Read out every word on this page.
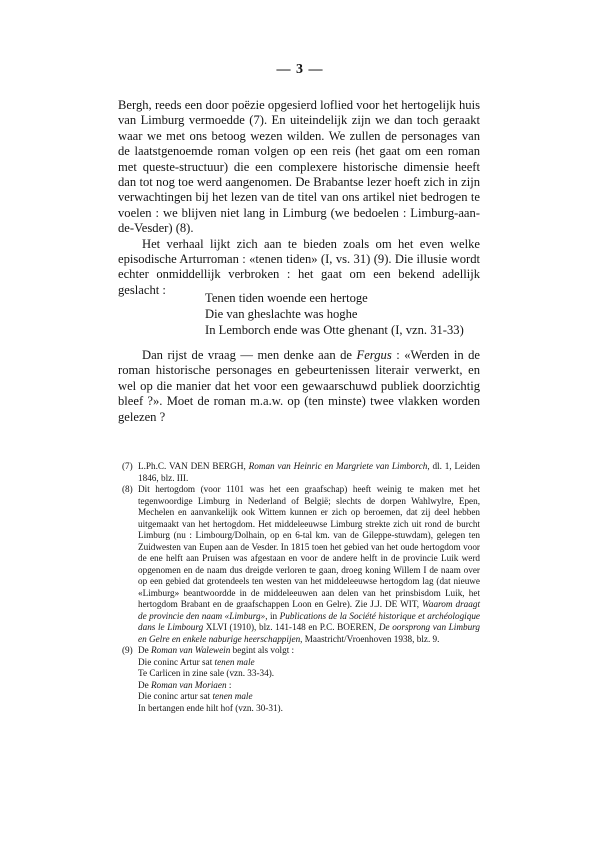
— 3 —

Bergh, reeds een door poëzie opgesierd loflied voor het hertogelijk huis van Limburg vermoedde (7). En uiteindelijk zijn we dan toch geraakt waar we met ons betoog wezen wilden. We zullen de personages van de laatstgenoemde roman volgen op een reis (het gaat om een roman met queste-structuur) die een complexere historische dimensie heeft dan tot nog toe werd aangenomen. De Brabantse lezer hoeft zich in zijn verwachtingen bij het lezen van de titel van ons artikel niet bedrogen te voelen : we blijven niet lang in Limburg (we bedoelen : Limburg-aan-de-Vesder) (8).

Het verhaal lijkt zich aan te bieden zoals om het even welke episodische Arturroman : «tenen tiden» (I, vs. 31) (9). Die illusie wordt echter onmiddellijk verbroken : het gaat om een bekend adellijk geslacht :

Tenen tiden woende een hertoge
Die van gheslachte was hoghe
In Lemborch ende was Otte ghenant (I, vzn. 31-33)

Dan rijst de vraag — men denke aan de Fergus : «Werden in de roman historische personages en gebeurtenissen literair verwerkt, en wel op die manier dat het voor een gewaarschuwd publiek doorzichtig bleef ?». Moet de roman m.a.w. op (ten minste) twee vlakken worden gelezen ?

(7) L.Ph.C. VAN DEN BERGH, Roman van Heinric en Margriete van Limborch, dl. 1, Leiden 1846, blz. III.
(8) Dit hertogdom (voor 1101 was het een graafschap) heeft weinig te maken met het tegenwoordige Limburg in Nederland of België; slechts de dorpen Wahlwylre, Epen, Mechelen en aanvankelijk ook Wittem kunnen er zich op beroemen, dat zij deel hebben uitgemaakt van het hertogdom. Het middeleeuwse Limburg strekte zich uit rond de burcht Limburg (nu : Limbourg/Dolhain, op en 6-tal km. van de Gileppe-stuwdam), gelegen ten Zuidwesten van Eupen aan de Vesder. In 1815 toen het gebied van het oude hertogdom voor de ene helft aan Pruisen was afgestaan en voor de andere helft in de provincie Luik werd opgenomen en de naam dus dreigde verloren te gaan, droeg koning Willem I de naam over op een gebied dat grotendeels ten westen van het middeleeuwse hertogdom lag (dat nieuwe «Limburg» beantwoordde in de middeleeuwen aan delen van het prinsbisdom Luik, het hertogdom Brabant en de graafschappen Loon en Gelre). Zie J.J. DE WIT, Waarom draagt de provincie den naam «Limburg», in Publications de la Société historique et archéologique dans le Limbourg XLVI (1910), blz. 141-148 en P.C. BOEREN, De oorsprong van Limburg en Gelre en enkele naburige heerschappijen, Maastricht/Vroenhoven 1938, blz. 9.
(9) De Roman van Walewein begint als volgt :
Die coninc Artur sat tenen male
Te Carlicen in zine sale (vzn. 33-34).
De Roman van Moriaen :
Die coninc artur sat tenen male
In bertangen ende hilt hof (vzn. 30-31).
